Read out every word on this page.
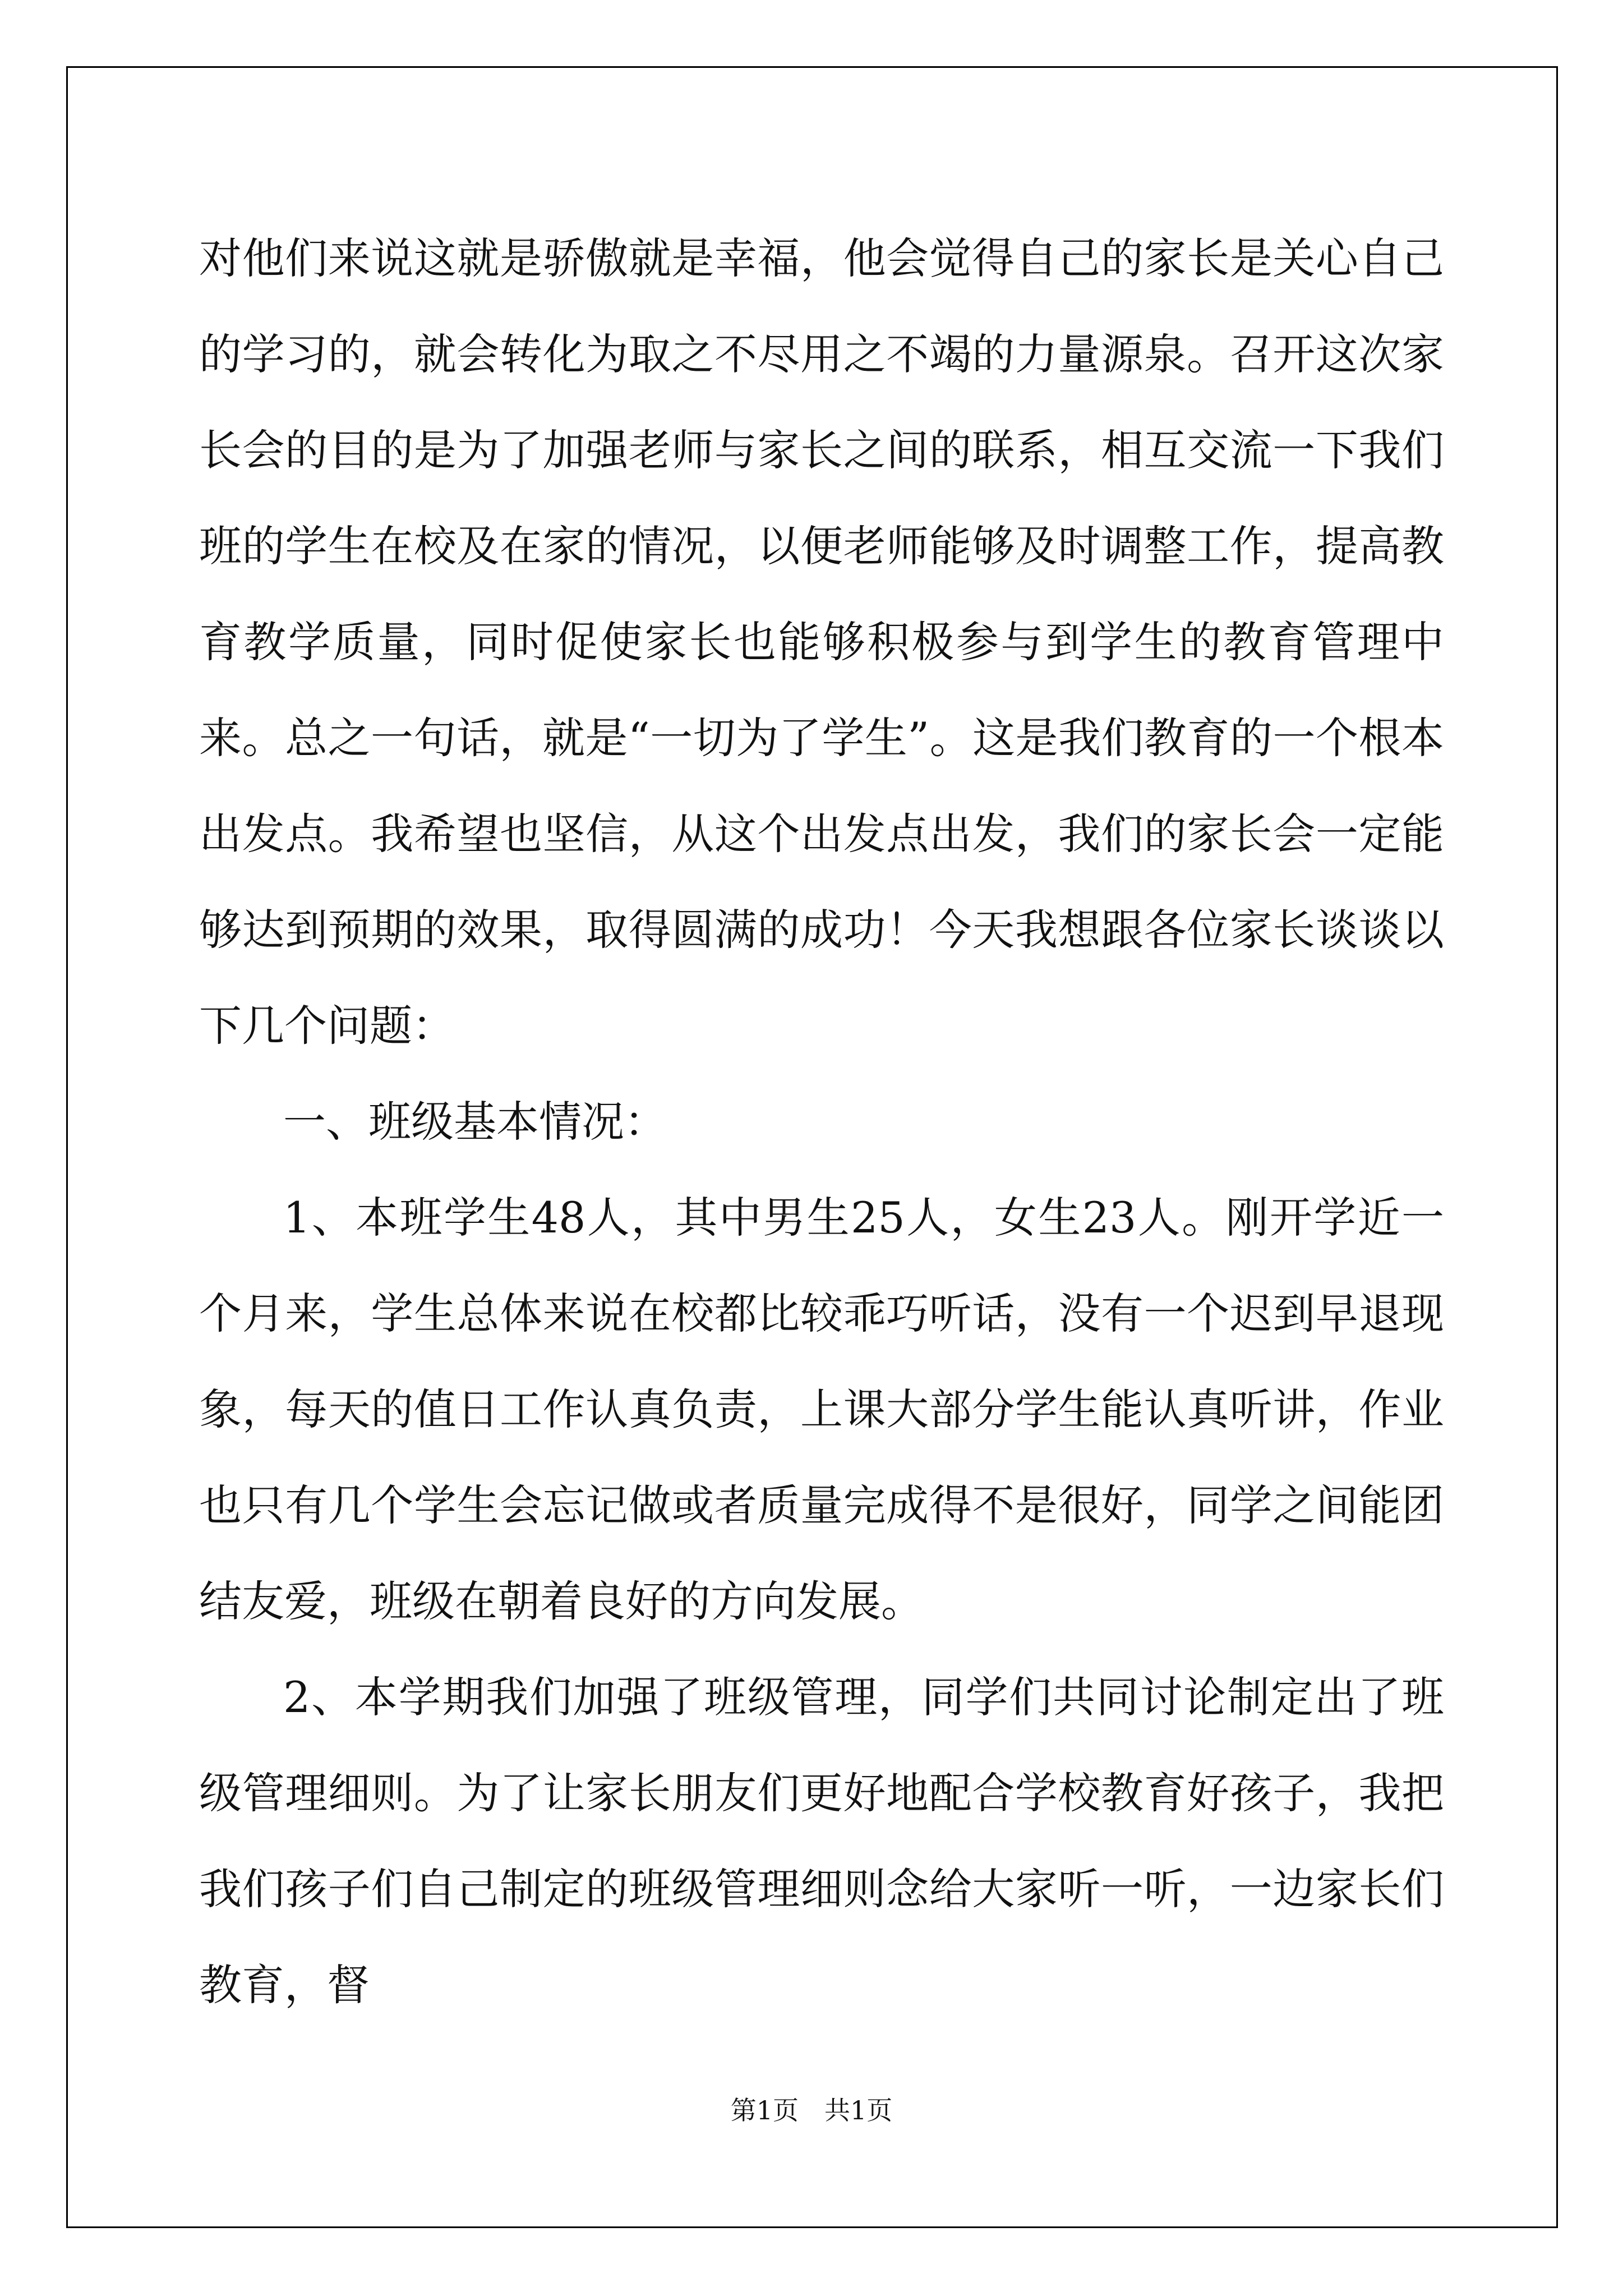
对他们来说这就是骄傲就是幸福，他会觉得自己的家长是关心自己的学习的，就会转化为取之不尽用之不竭的力量源泉。召开这次家长会的目的是为了加强老师与家长之间的联系，相互交流一下我们班的学生在校及在家的情况，以便老师能够及时调整工作，提高教育教学质量，同时促使家长也能够积极参与到学生的教育管理中来。总之一句话，就是“一切为了学生”。这是我们教育的一个根本出发点。我希望也坚信，从这个出发点出发，我们的家长会一定能够达到预期的效果，取得圆满的成功！今天我想跟各位家长谈谈以下几个问题：

一、班级基本情况：

1、本班学生48人，其中男生25人，女生23人。刚开学近一个月来，学生总体来说在校都比较乖巧听话，没有一个迟到早退现象，每天的值日工作认真负责，上课大部分学生能认真听讲，作业也只有几个学生会忘记做或者质量完成得不是很好，同学之间能团结友爱，班级在朝着良好的方向发展。

2、本学期我们加强了班级管理，同学们共同讨论制定出了班级管理细则。为了让家长朋友们更好地配合学校教育好孩子，我把我们孩子们自己制定的班级管理细则念给大家听一听，一边家长们教育，督

第1页　共1页
